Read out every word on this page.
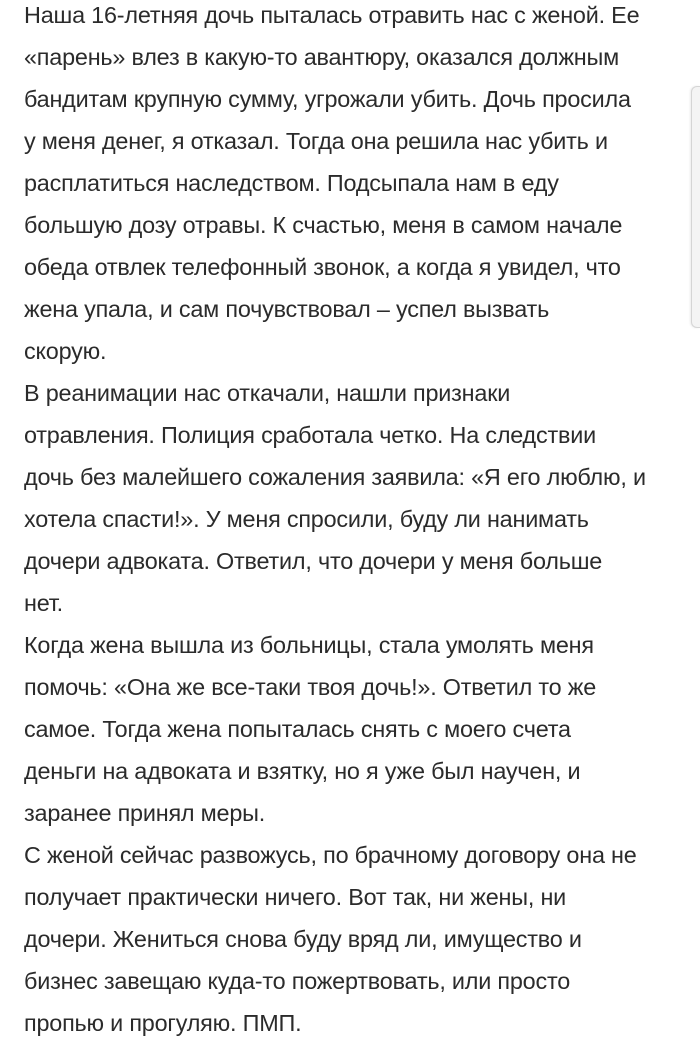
Наша 16-летняя дочь пыталась отравить нас с женой. Ее
«парень» влез в какую-то авантюру, оказался должным
бандитам крупную сумму, угрожали убить. Дочь просила
у меня денег, я отказал. Тогда она решила нас убить и
расплатиться наследством. Подсыпала нам в еду
большую дозу отравы. К счастью, меня в самом начале
обеда отвлек телефонный звонок, а когда я увидел, что
жена упала, и сам почувствовал – успел вызвать
скорую.

В реанимации нас откачали, нашли признаки
отравления. Полиция сработала четко. На следствии
дочь без малейшего сожаления заявила: «Я его люблю, и
хотела спасти!». У меня спросили, буду ли нанимать
дочери адвоката. Ответил, что дочери у меня больше
нет.

Когда жена вышла из больницы, стала умолять меня
помочь: «Она же все-таки твоя дочь!». Ответил то же
самое. Тогда жена попыталась снять с моего счета
деньги на адвоката и взятку, но я уже был научен, и
заранее принял меры.

С женой сейчас развожусь, по брачному договору она не
получает практически ничего. Вот так, ни жены, ни
дочери. Жениться снова буду вряд ли, имущество и
бизнес завещаю куда-то пожертвовать, или просто
пропью и прогуляю. ПМП.
